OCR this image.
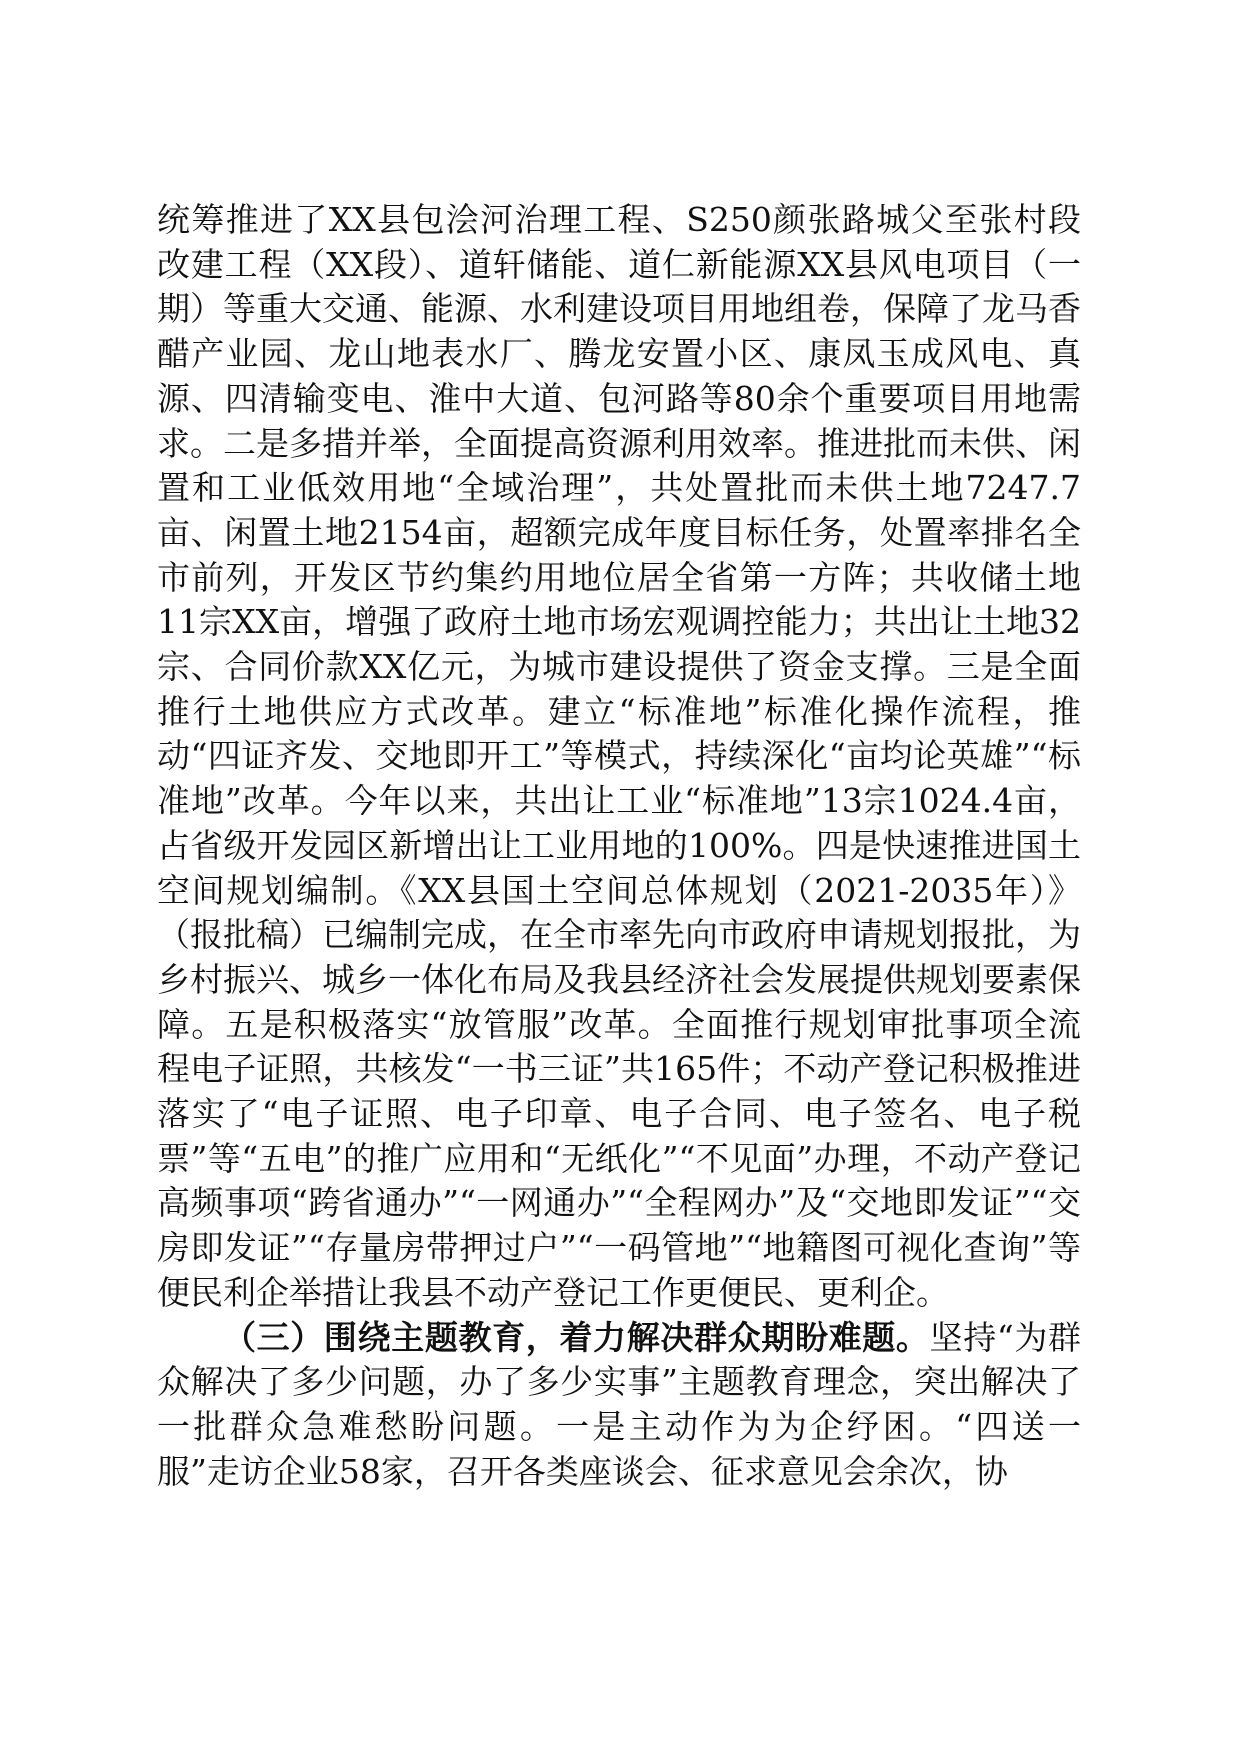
统筹推进了XX县包浍河治理工程、S250颜张路城父至张村段改建工程（XX段）、道轩储能、道仁新能源XX县风电项目（一期）等重大交通、能源、水利建设项目用地组卷，保障了龙马香醋产业园、龙山地表水厂、腾龙安置小区、康凤玉成风电、真源、四清输变电、淮中大道、包河路等80余个重要项目用地需求。二是多措并举，全面提高资源利用效率。推进批而未供、闲置和工业低效用地“全域治理”，共处置批而未供土地7247.7亩、闲置土地2154亩，超额完成年度目标任务，处置率排名全市前列，开发区节约集约用地位居全省第一方阵；共收储土地11宗XX亩，增强了政府土地市场宏观调控能力；共出让土地32宗、合同价款XX亿元，为城市建设提供了资金支撑。三是全面推行土地供应方式改革。建立“标准地”标准化操作流程，推动“四证齐发、交地即开工”等模式，持续深化“亩均论英雄”“标准地”改革。今年以来，共出让工业“标准地”13宗1024.4亩，占省级开发园区新增出让工业用地的100%。四是快速推进国土空间规划编制。《XX县国土空间总体规划（2021-2035年）》（报批稿）已编制完成，在全市率先向市政府申请规划报批，为乡村振兴、城乡一体化布局及我县经济社会发展提供规划要素保障。五是积极落实“放管服”改革。全面推行规划审批事项全流程电子证照，共核发“一书三证”共165件；不动产登记积极推进落实了“电子证照、电子印章、电子合同、电子签名、电子税票”等“五电”的推广应用和“无纸化”“不见面”办理，不动产登记高频事项“跨省通办”“一网通办”“全程网办”及“交地即发证”“交房即发证”“存量房带押过户”“一码管地”“地籍图可视化查询”等便民利企举措让我县不动产登记工作更便民、更利企。

（三）围绕主题教育，着力解决群众期盼难题。坚持“为群众解决了多少问题，办了多少实事”主题教育理念，突出解决了一批群众急难愁盼问题。一是主动作为为企纾困。“四送一服”走访企业58家，召开各类座谈会、征求意见会余次，协
